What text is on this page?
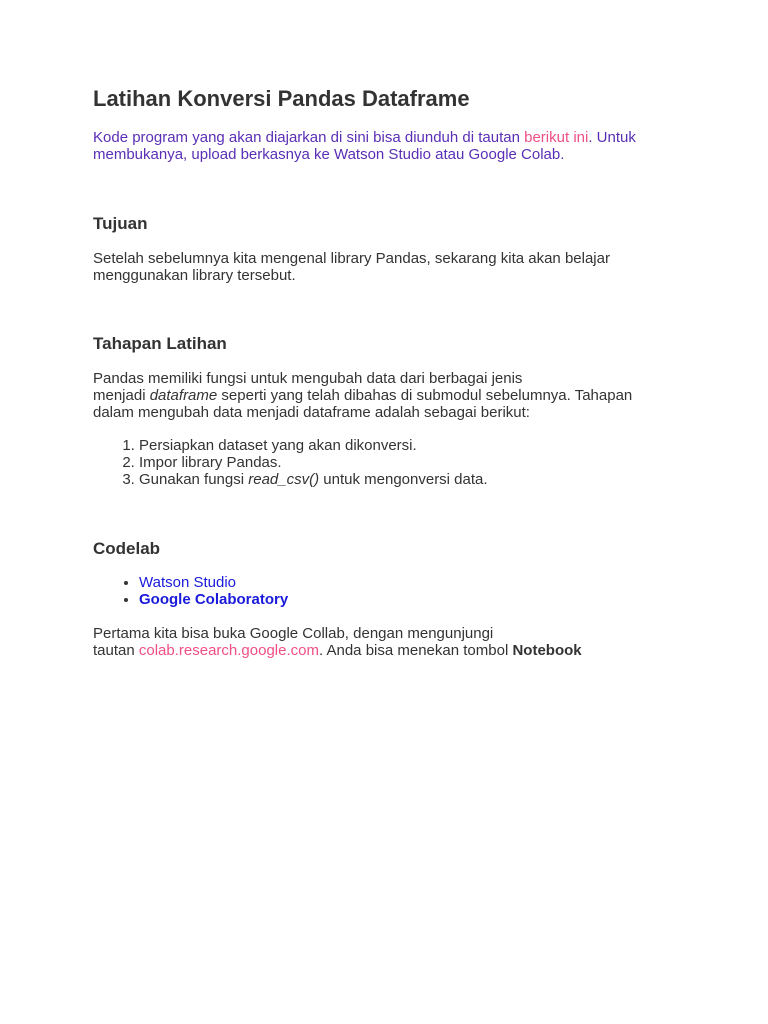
Latihan Konversi Pandas Dataframe

Kode program yang akan diajarkan di sini bisa diunduh di tautan berikut ini. Untuk
membukanya, upload berkasnya ke Watson Studio atau Google Colab.

Tujuan

Setelah sebelumnya kita mengenal library Pandas, sekarang kita akan belajar
menggunakan library tersebut.

Tahapan Latihan

Pandas memiliki fungsi untuk mengubah data dari berbagai jenis
menjadi dataframe seperti yang telah dibahas di submodul sebelumnya. Tahapan
dalam mengubah data menjadi dataframe adalah sebagai berikut:

1. Persiapkan dataset yang akan dikonversi.
2. Impor library Pandas.
3. Gunakan fungsi read_csv() untuk mengonversi data.
Codelab
• Watson Studio
• Google Colaboratory

Pertama kita bisa buka Google Collab, dengan mengunjungi
tautan colab.research.google.com. Anda bisa menekan tombol Notebook
